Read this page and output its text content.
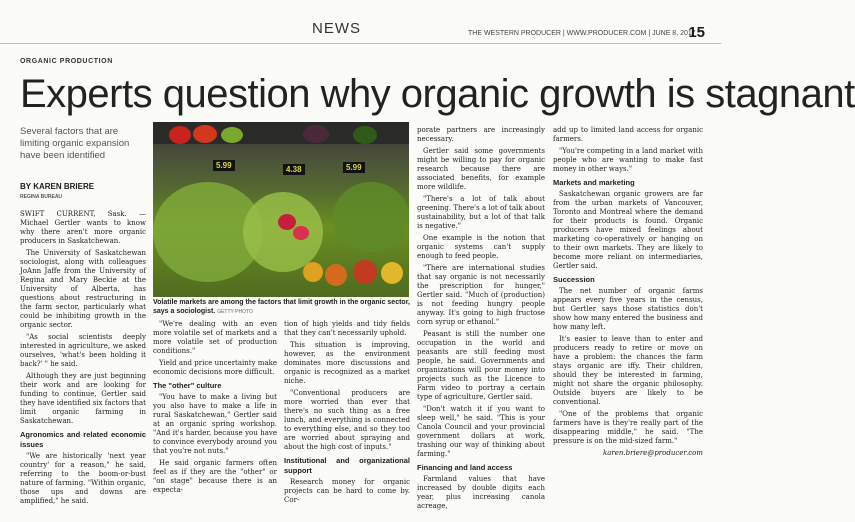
NEWS	THE WESTERN PRODUCER | WWW.PRODUCER.COM | JUNE 8, 2017
15
ORGANIC PRODUCTION
Experts question why organic growth is stagnant
Several factors that are limiting organic expansion have been identified
BY KAREN BRIERE
REGINA BUREAU

SWIFT CURRENT, Sask. — Michael Gertler wants to know why there aren't more organic producers in Saskatchewan.

The University of Saskatchewan sociologist, along with colleagues JoAnn Jaffe from the University of Regina and Mary Beckie at the University of Alberta, has questions about restructuring in the farm sector, particularly what could be inhibiting growth in the organic sector.

"As social scientists deeply interested in agriculture, we asked ourselves, 'what's been holding it back?' " he said.

Although they are just beginning their work and are looking for funding to continue, Gertler said they have identified six factors that limit organic farming in Saskatchewan.

Agronomics and related economic issues

"We are historically 'next year country' for a reason," he said, referring to the boom-or-bust nature of farming. "Within organic, those ups and downs are amplified," he said.

5.99	4.38	5.99
Volatile markets are among the factors that limit growth in the organic sector, says a sociologist. GETTY PHOTO

"We're dealing with an even more volatile set of markets and a more volatile set of production conditions."

Yield and price uncertainty make economic decisions more difficult.

The "other" culture

"You have to make a living but you also have to make a life in rural Saskatchewan," Gertler said at an organic spring workshop. "And it's harder, because you have to convince everybody around you that you're not nuts."

He said organic farmers often feel as if they are the "other" or "on stage" because there is an expecta-

tion of high yields and tidy fields that they can't necessarily uphold.

This situation is improving, however, as the environment dominates more discussions and organic is recognized as a market niche.

"Conventional producers are more worried than ever that there's no such thing as a free lunch, and everything is connected to everything else, and so they too are worried about spraying and about the high cost of inputs."

Institutional and organizational support

Research money for organic projects can be hard to come by. Cor-

porate partners are increasingly necessary.

Gertler said some governments might be willing to pay for organic research because there are associated benefits, for example more wildlife.

"There's a lot of talk about greening. There's a lot of talk about sustainability, but a lot of that talk is negative."

One example is the notion that organic systems can't supply enough to feed people.

"There are international studies that say organic is not necessarily the prescription for hunger," Gertler said. "Much of (production) is not feeding hungry people anyway. It's going to high fructose corn syrup or ethanol."

Peasant is still the number one occupation in the world and peasants are still feeding most people, he said. Governments and organizations will pour money into projects such as the Licence to Farm video to portray a certain type of agriculture, Gertler said.

"Don't watch it if you want to sleep well," he said. "This is your Canola Council and your provincial government dollars at work, trashing our way of thinking about farming."

Financing and land access

Farmland values that have increased by double digits each year, plus increasing canola acreage,

add up to limited land access for organic farmers.

"You're competing in a land market with people who are wanting to make fast money in other ways."

Markets and marketing

Saskatchewan organic growers are far from the urban markets of Vancouver, Toronto and Montreal where the demand for their products is found. Organic producers have mixed feelings about marketing co-operatively or hanging on to their own markets. They are likely to become more reliant on intermediaries, Gertler said.

Succession

The net number of organic farms appears every five years in the census, but Gertler says those statistics don't show how many entered the business and how many left.

It's easier to leave than to enter and producers ready to retire or move on have a problem: the chances the farm stays organic are iffy. Their children, should they be interested in farming, might not share the organic philosophy. Outside buyers are likely to be conventional.

"One of the problems that organic farmers have is they're really part of the disappearing middle," he said. "The pressure is on the mid-sized farm."

karen.briere@producer.com
